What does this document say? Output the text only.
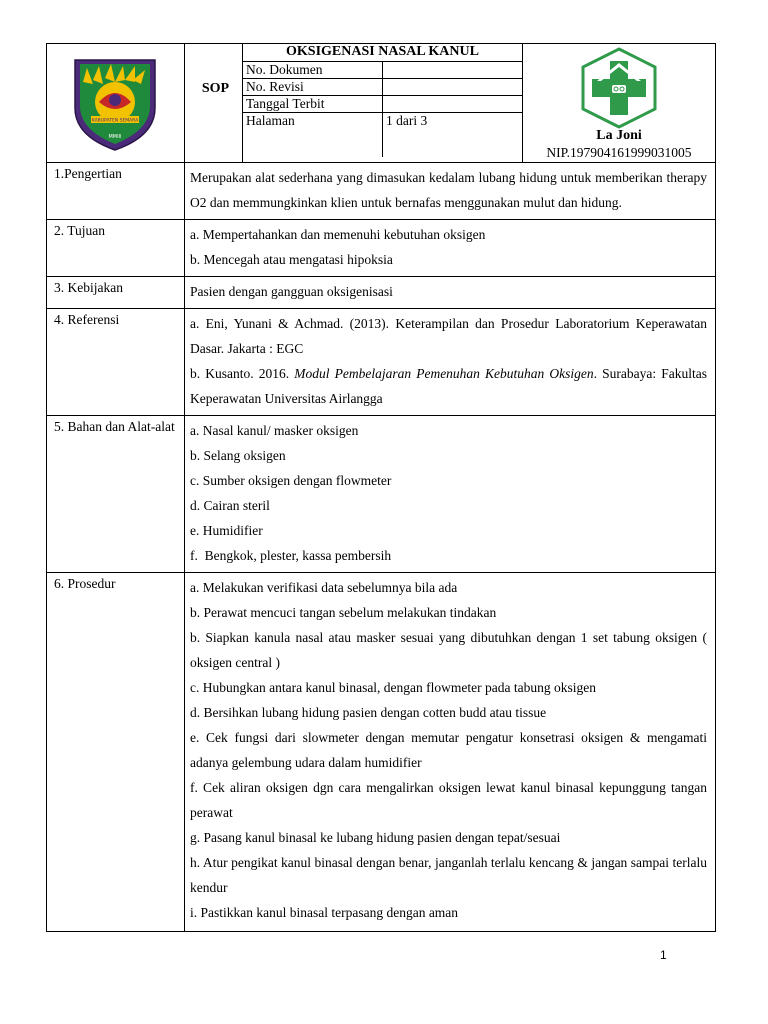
KABUPATEN SEMARA
MMIII
	SOP	
OKSIGENASI NASAL KANUL
No. Dokumen	
No. Revisi	
Tanggal Terbit	
Halaman	1 dari 3

La Joni
NIP.197904161999031005

1.Pengertian	Merupakan alat sederhana yang dimasukan kedalam lubang hidung untuk memberikan therapy O2 dan memmungkinkan klien untuk bernafas menggunakan mulut dan hidung.

2. Tujuan	a. Mempertahankan dan memenuhi kebutuhan oksigen

b. Mencegah atau mengatasi hipoksia

3. Kebijakan	Pasien dengan gangguan oksigenisasi

4. Referensi	a. Eni, Yunani & Achmad. (2013). Keterampilan dan Prosedur Laboratorium Keperawatan Dasar. Jakarta : EGC

b. Kusanto. 2016. Modul Pembelajaran Pemenuhan Kebutuhan Oksigen. Surabaya: Fakultas Keperawatan Universitas Airlangga

5. Bahan dan Alat-alat	a. Nasal kanul/ masker oksigen

b. Selang oksigen

c. Sumber oksigen dengan flowmeter

d. Cairan steril

e. Humidifier

f.  Bengkok, plester, kassa pembersih

6. Prosedur	a. Melakukan verifikasi data sebelumnya bila ada

b. Perawat mencuci tangan sebelum melakukan tindakan

b. Siapkan kanula nasal atau masker sesuai yang dibutuhkan dengan 1 set tabung oksigen ( oksigen central )

c. Hubungkan antara kanul binasal, dengan flowmeter pada tabung oksigen

d. Bersihkan lubang hidung pasien dengan cotten budd atau tissue

e. Cek fungsi dari slowmeter dengan memutar pengatur konsetrasi oksigen & mengamati adanya gelembung udara dalam humidifier

f. Cek aliran oksigen dgn cara mengalirkan oksigen lewat kanul binasal kepunggung tangan perawat

g. Pasang kanul binasal ke lubang hidung pasien dengan tepat/sesuai

h. Atur pengikat kanul binasal dengan benar, janganlah terlalu kencang & jangan sampai terlalu kendur

i. Pastikkan kanul binasal terpasang dengan aman

1
